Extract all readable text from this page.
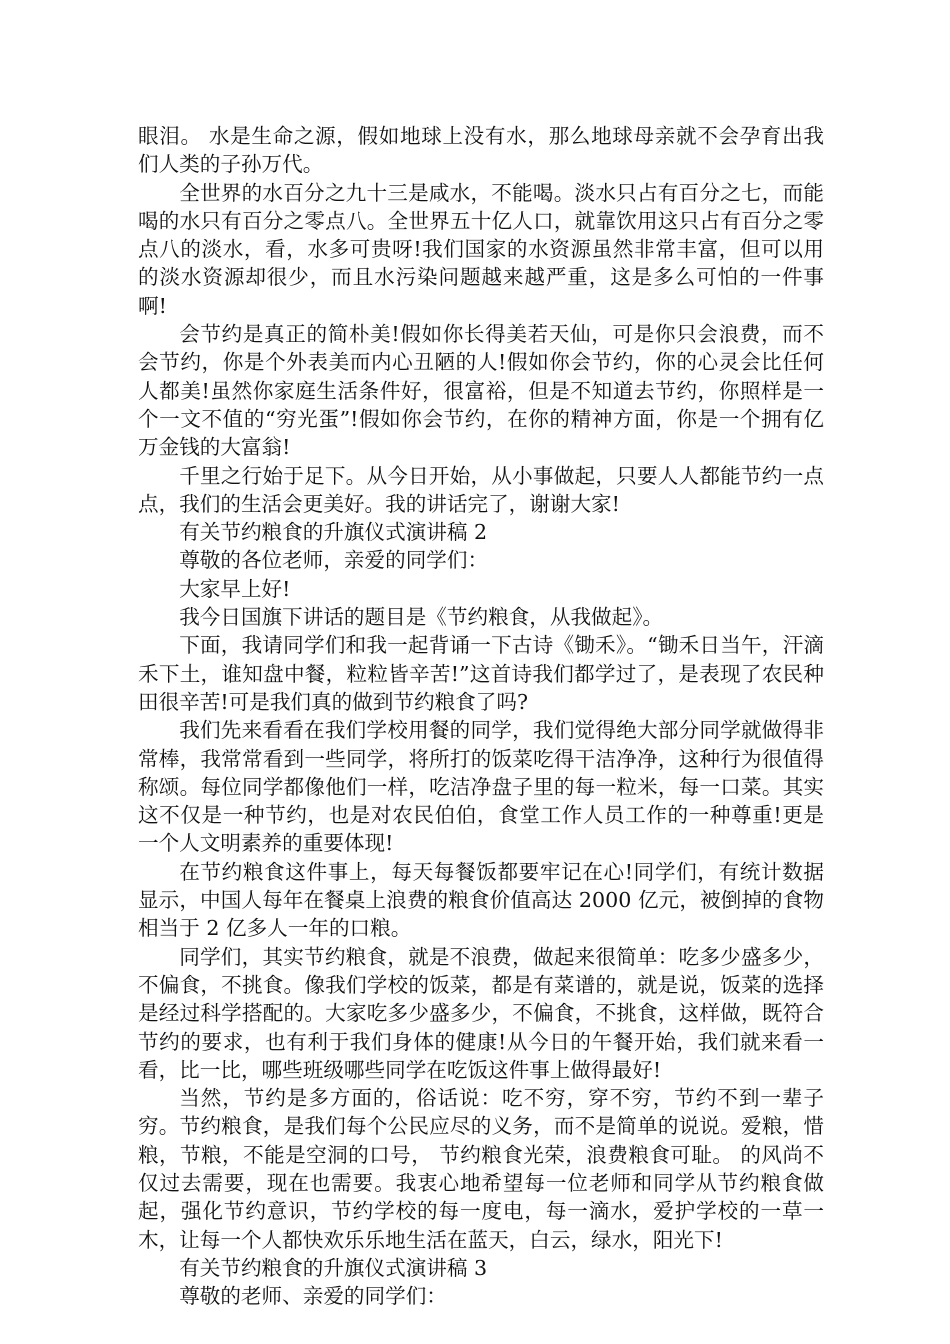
眼泪。 水是生命之源，假如地球上没有水，那么地球母亲就不会孕育出我们人类的子孙万代。

全世界的水百分之九十三是咸水，不能喝。淡水只占有百分之七，而能喝的水只有百分之零点八。全世界五十亿人口，就靠饮用这只占有百分之零点八的淡水，看，水多可贵呀!我们国家的水资源虽然非常丰富，但可以用的淡水资源却很少，而且水污染问题越来越严重，这是多么可怕的一件事啊!

会节约是真正的简朴美!假如你长得美若天仙，可是你只会浪费，而不会节约，你是个外表美而内心丑陋的人!假如你会节约，你的心灵会比任何人都美!虽然你家庭生活条件好，很富裕，但是不知道去节约，你照样是一个一文不值的“穷光蛋”!假如你会节约，在你的精神方面，你是一个拥有亿万金钱的大富翁!

千里之行始于足下。从今日开始，从小事做起，只要人人都能节约一点点，我们的生活会更美好。我的讲话完了，谢谢大家!

有关节约粮食的升旗仪式演讲稿 2

尊敬的各位老师，亲爱的同学们：

大家早上好!

我今日国旗下讲话的题目是《节约粮食，从我做起》。

下面，我请同学们和我一起背诵一下古诗《锄禾》。“锄禾日当午，汗滴禾下土，谁知盘中餐，粒粒皆辛苦!”这首诗我们都学过了，是表现了农民种田很辛苦!可是我们真的做到节约粮食了吗?

我们先来看看在我们学校用餐的同学，我们觉得绝大部分同学就做得非常棒，我常常看到一些同学，将所打的饭菜吃得干洁净净，这种行为很值得称颂。每位同学都像他们一样，吃洁净盘子里的每一粒米，每一口菜。其实这不仅是一种节约，也是对农民伯伯，食堂工作人员工作的一种尊重!更是一个人文明素养的重要体现!

在节约粮食这件事上，每天每餐饭都要牢记在心!同学们，有统计数据显示，中国人每年在餐桌上浪费的粮食价值高达 2000 亿元，被倒掉的食物相当于 2 亿多人一年的口粮。

同学们，其实节约粮食，就是不浪费，做起来很简单：吃多少盛多少，不偏食，不挑食。像我们学校的饭菜，都是有菜谱的，就是说，饭菜的选择是经过科学搭配的。大家吃多少盛多少，不偏食，不挑食，这样做，既符合节约的要求，也有利于我们身体的健康!从今日的午餐开始，我们就来看一看，比一比，哪些班级哪些同学在吃饭这件事上做得最好!

当然，节约是多方面的，俗话说：吃不穷，穿不穷，节约不到一辈子穷。节约粮食，是我们每个公民应尽的义务，而不是简单的说说。爱粮，惜粮，节粮，不能是空洞的口号， 节约粮食光荣，浪费粮食可耻。 的风尚不仅过去需要，现在也需要。我衷心地希望每一位老师和同学从节约粮食做起，强化节约意识，节约学校的每一度电，每一滴水，爱护学校的一草一木，让每一个人都快欢乐乐地生活在蓝天，白云，绿水，阳光下!

有关节约粮食的升旗仪式演讲稿 3

尊敬的老师、亲爱的同学们：
